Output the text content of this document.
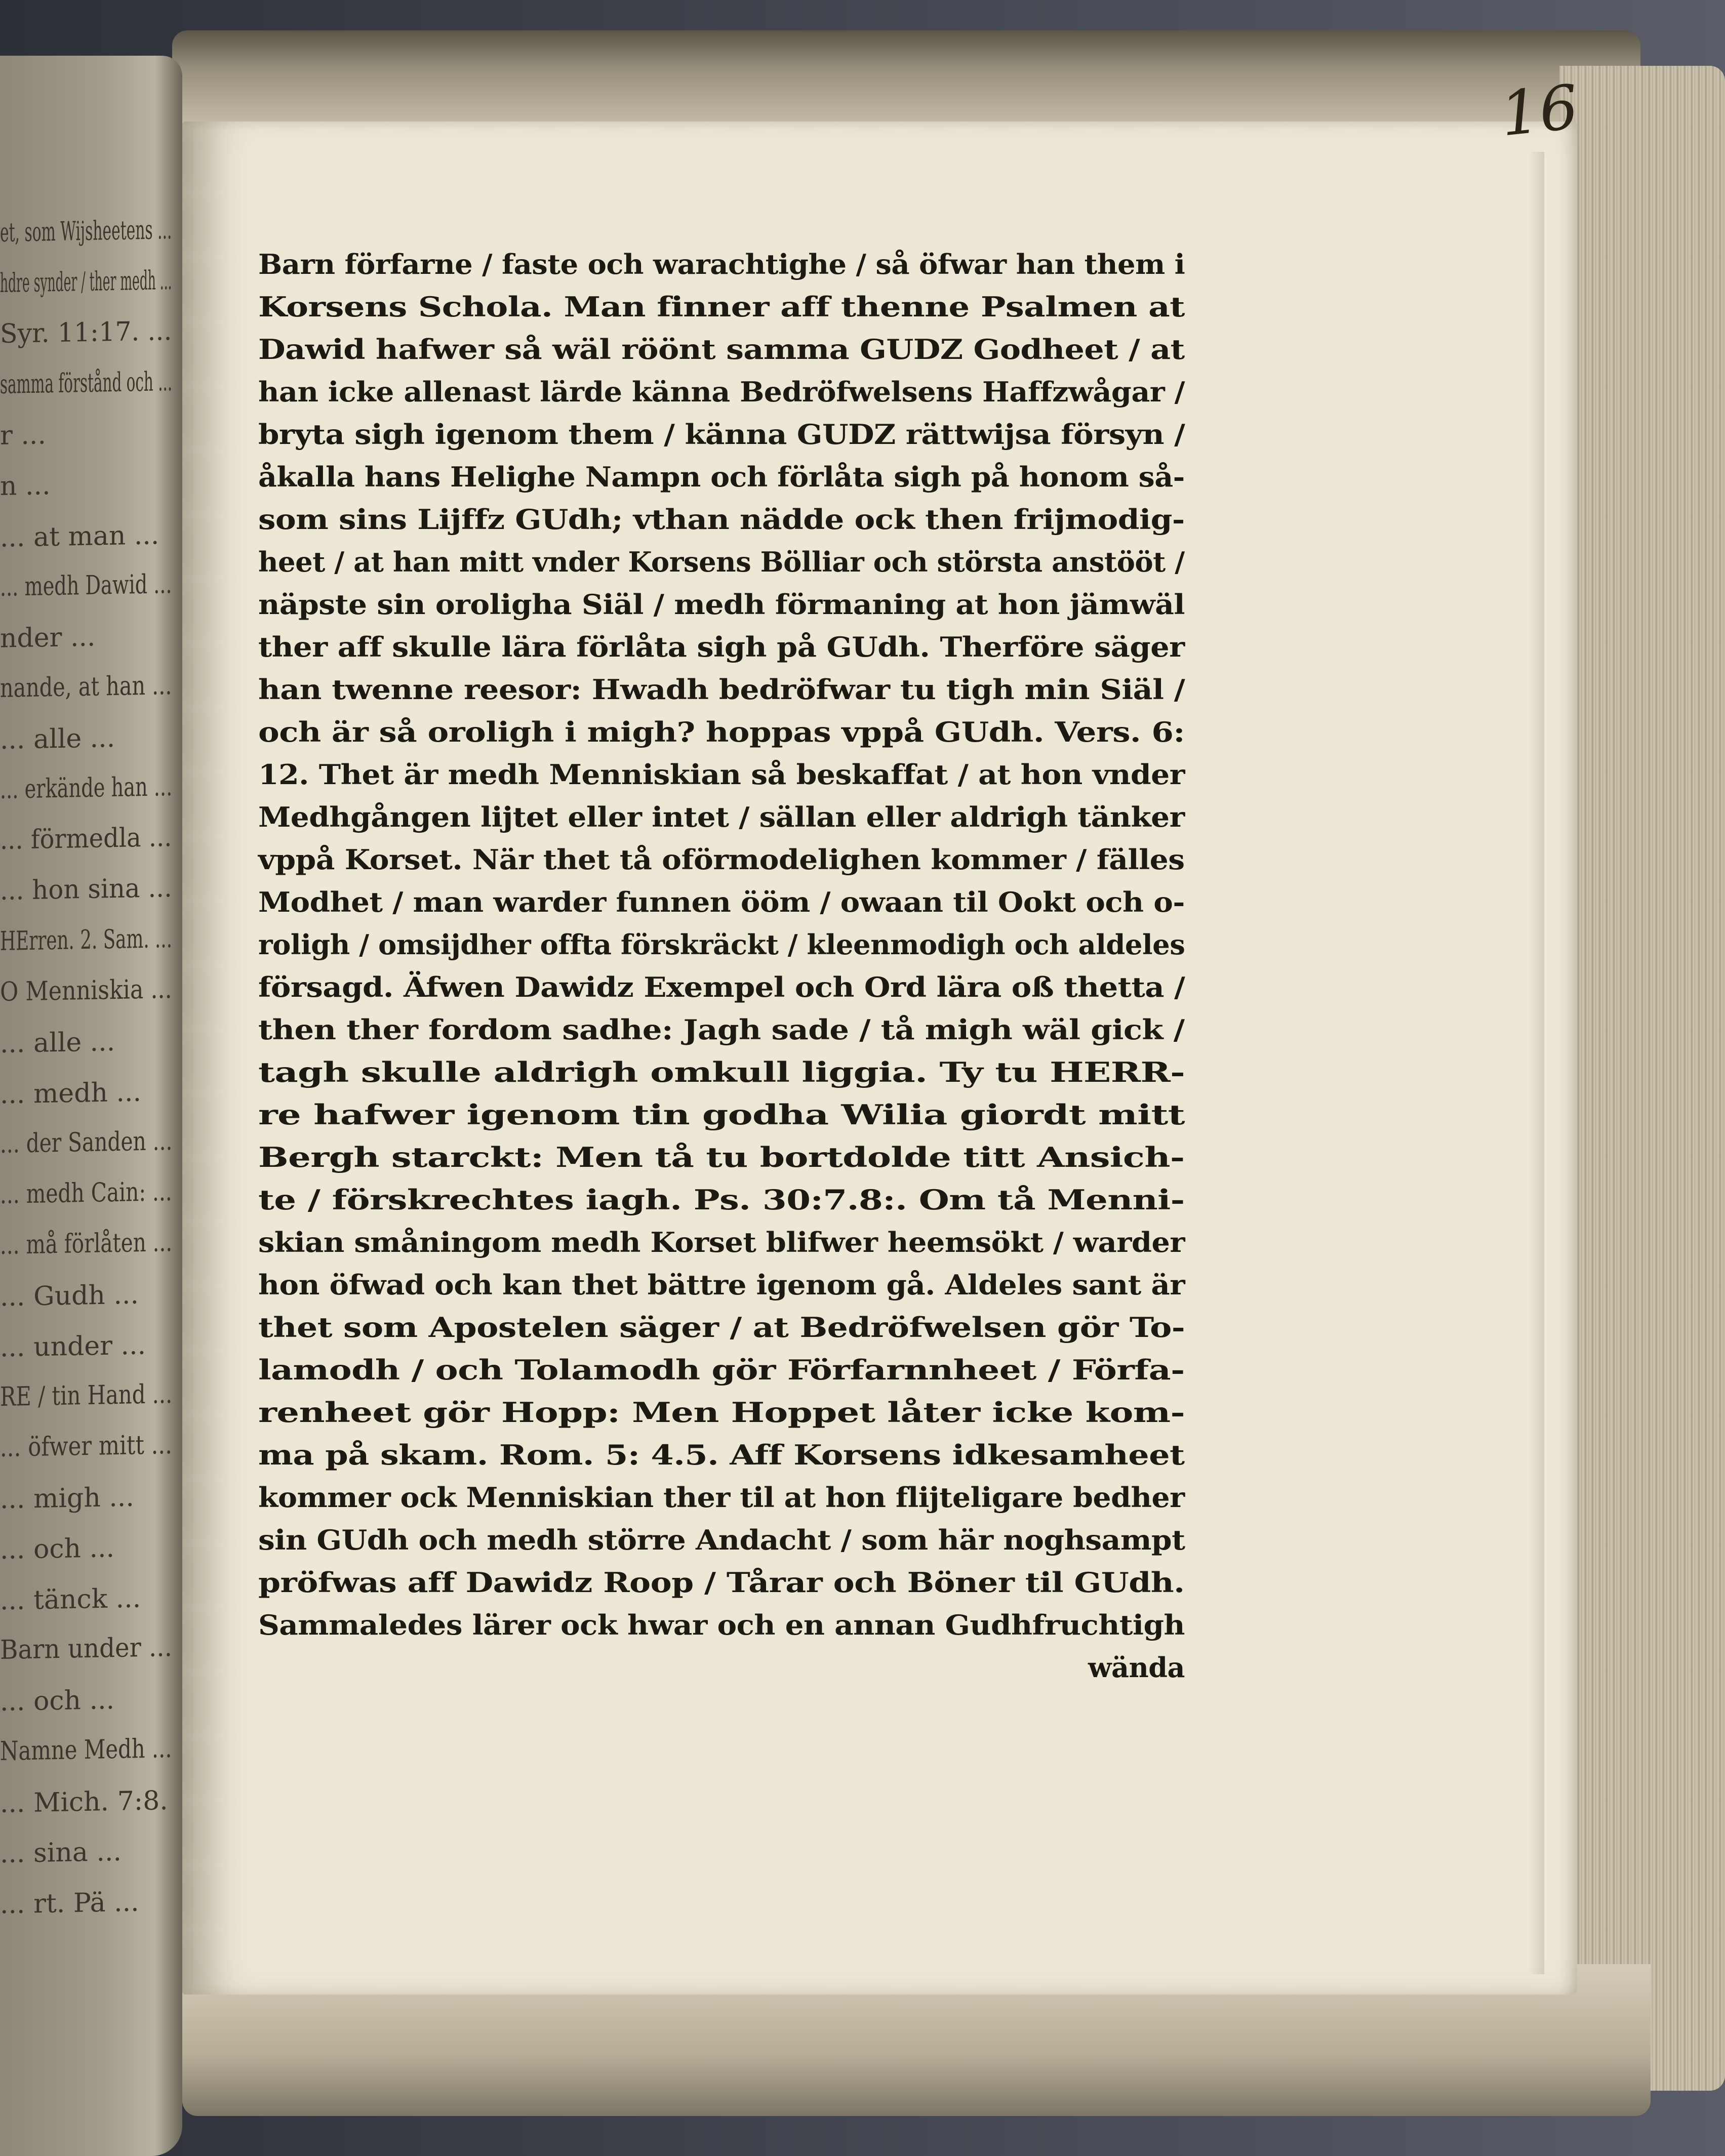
et, som Wijsheetens ...
hdre synder / ther medh ...
Syr. 11:17. ...
samma förstånd och ...
r ...
n ...
... at man ...
... medh Dawid ...
nder ...
nande, at han ...
... alle ...
... erkände han ...
... förmedla ...
... hon sina ...
HErren. 2. Sam. ...
O Menniskia ...
... alle ...
... medh ...
... der Sanden ...
... medh Cain: ...
... må förlåten ...
... Gudh ...
... under ...
RE / tin Hand ...
... öfwer mitt ...
... migh ...
... och ...
... tänck ...
Barn under ...
... och ...
Namne Medh ...
... Mich. 7:8.
... sina ...
... rt. Pä ...
16
Barn förfarne / faste och warachtighe / så öfwar han them i
Korsens Schola. Man finner aff thenne Psalmen at
Dawid hafwer så wäl röönt samma GUDZ Godheet / at
han icke allenast lärde känna Bedröfwelsens Haffzwågar /
bryta sigh igenom them / känna GUDZ rättwijsa försyn /
åkalla hans Helighe Nampn och förlåta sigh på honom så-
som sins Lijffz GUdh; vthan nädde ock then frijmodig-
heet / at han mitt vnder Korsens Bölliar och största anstööt /
näpste sin oroligha Siäl / medh förmaning at hon jämwäl
ther aff skulle lära förlåta sigh på GUdh. Therföre säger
han twenne reesor: Hwadh bedröfwar tu tigh min Siäl /
och är så oroligh i migh? hoppas vppå GUdh. Vers. 6:
12. Thet är medh Menniskian så beskaffat / at hon vnder
Medhgången lijtet eller intet / sällan eller aldrigh tänker
vppå Korset. När thet tå oförmodelighen kommer / fälles
Modhet / man warder funnen ööm / owaan til Ookt och o-
roligh / omsijdher offta förskräckt / kleenmodigh och aldeles
försagd. Äfwen Dawidz Exempel och Ord lära oß thetta /
then ther fordom sadhe: Jagh sade / tå migh wäl gick /
tagh skulle aldrigh omkull liggia. Ty tu HERR-
re hafwer igenom tin godha Wilia giordt mitt
Bergh starckt: Men tå tu bortdolde titt Ansich-
te / förskrechtes iagh. Ps. 30:7.8:. Om tå Menni-
skian småningom medh Korset blifwer heemsökt / warder
hon öfwad och kan thet bättre igenom gå. Aldeles sant är
thet som Apostelen säger / at Bedröfwelsen gör To-
lamodh / och Tolamodh gör Förfarnnheet / Förfa-
renheet gör Hopp: Men Hoppet låter icke kom-
ma på skam. Rom. 5: 4.5. Aff Korsens idkesamheet
kommer ock Menniskian ther til at hon flijteligare bedher
sin GUdh och medh större Andacht / som här noghsampt
pröfwas aff Dawidz Roop / Tårar och Böner til GUdh.
Sammaledes lärer ock hwar och en annan Gudhfruchtigh
wända
